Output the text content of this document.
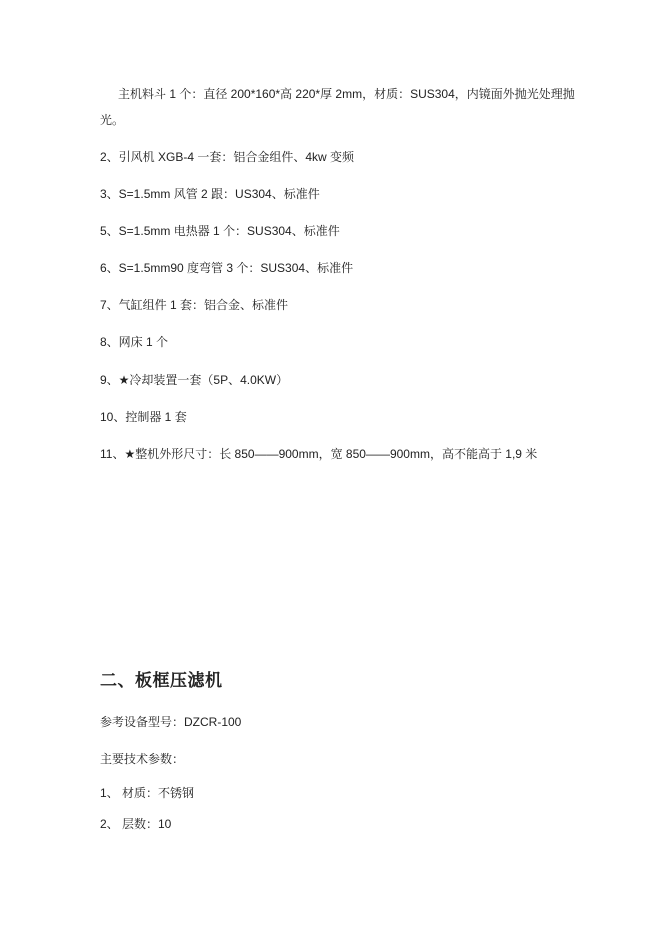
主机料斗 1 个：直径 200*160*高 220*厚 2mm，材质：SUS304，内镜面外抛光处理抛
光。
2、引风机 XGB-4 一套：铝合金组件、4kw 变频
3、S=1.5mm 风管 2 跟：US304、标准件
5、S=1.5mm 电热器 1 个：SUS304、标准件
6、S=1.5mm90 度弯管 3 个：SUS304、标准件
7、气缸组件 1 套：铝合金、标准件
8、网床 1 个
9、★冷却装置一套（5P、4.0KW）
10、控制器 1 套
11、★整机外形尺寸：长 850——900mm，宽 850——900mm，高不能高于 1,9 米
二、板框压滤机
参考设备型号：DZCR-100
主要技术参数：
1、 材质：不锈钢
2、 层数：10
